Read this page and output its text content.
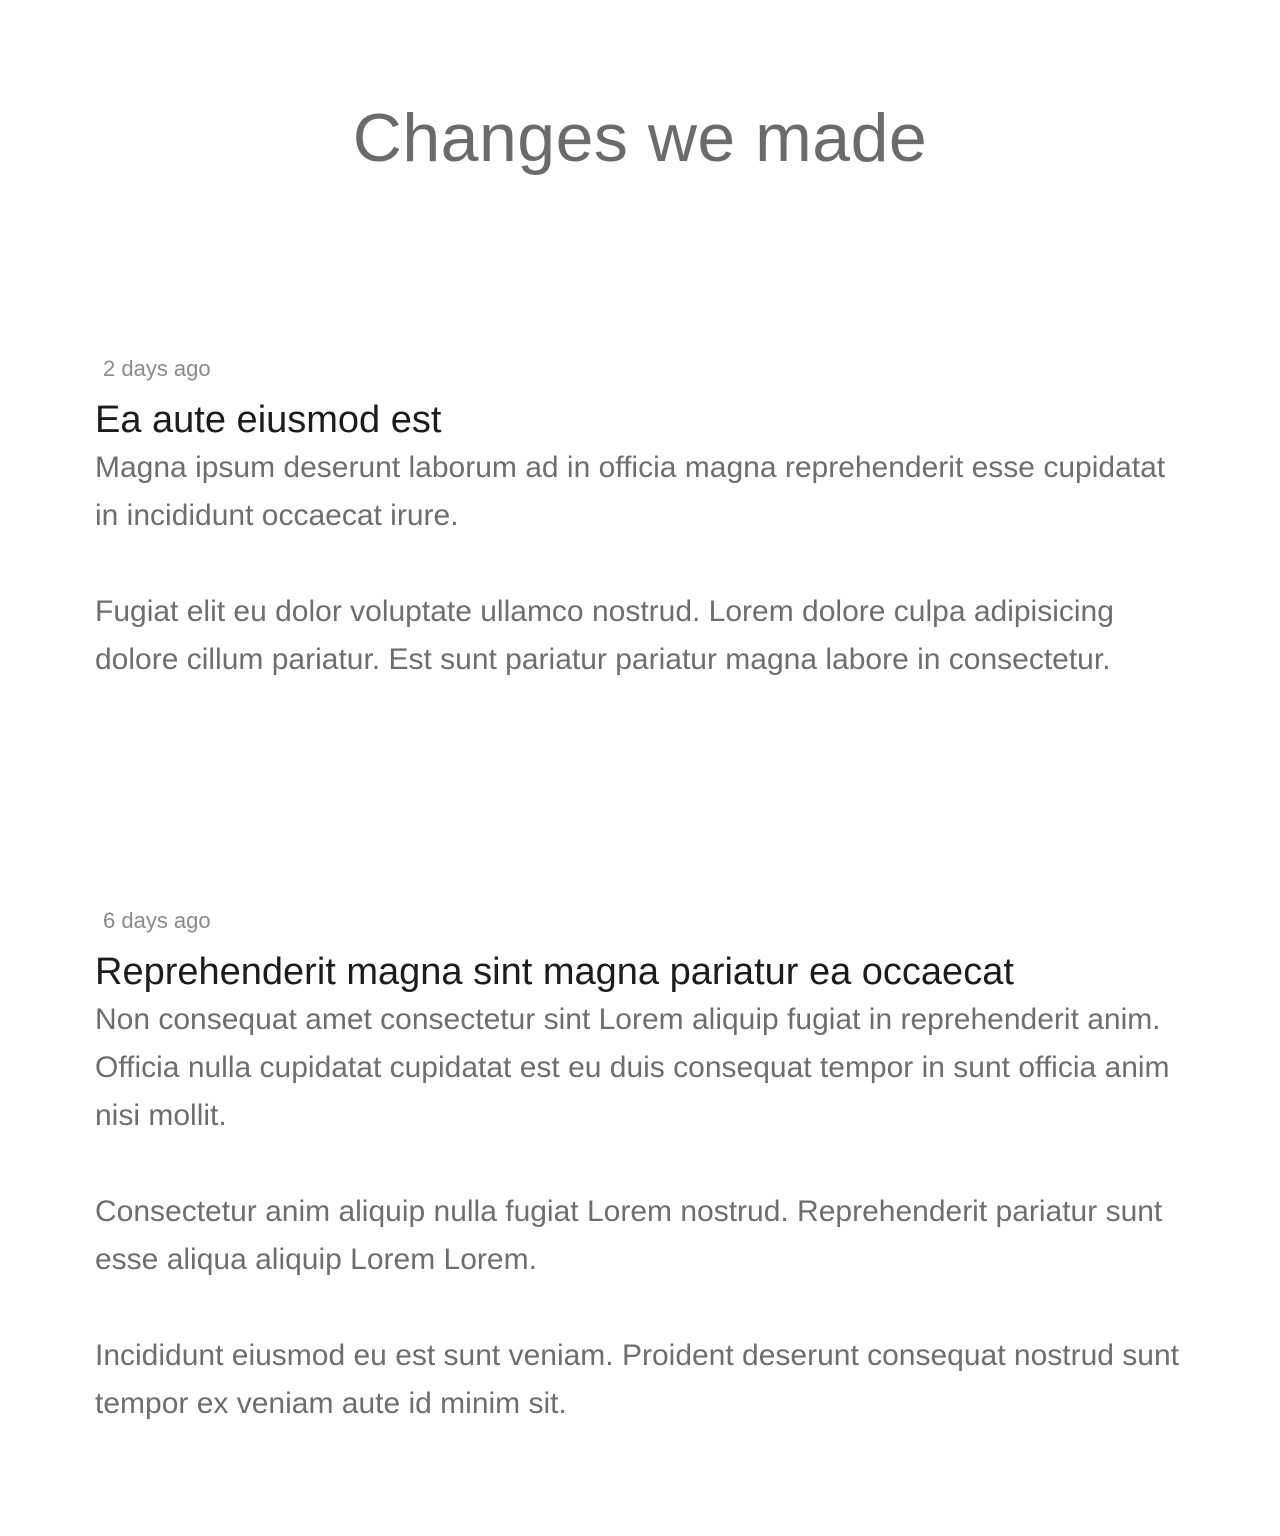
Changes we made
2 days ago
Ea aute eiusmod est

Magna ipsum deserunt laborum ad in officia magna reprehenderit esse cupidatat in incididunt occaecat irure.

Fugiat elit eu dolor voluptate ullamco nostrud. Lorem dolore culpa adipisicing dolore cillum pariatur. Est sunt pariatur pariatur magna labore in consectetur.

6 days ago
Reprehenderit magna sint magna pariatur ea occaecat

Non consequat amet consectetur sint Lorem aliquip fugiat in reprehenderit anim. Officia nulla cupidatat cupidatat est eu duis consequat tempor in sunt officia anim nisi mollit.

Consectetur anim aliquip nulla fugiat Lorem nostrud. Reprehenderit pariatur sunt esse aliqua aliquip Lorem Lorem.

Incididunt eiusmod eu est sunt veniam. Proident deserunt consequat nostrud sunt tempor ex veniam aute id minim sit.
